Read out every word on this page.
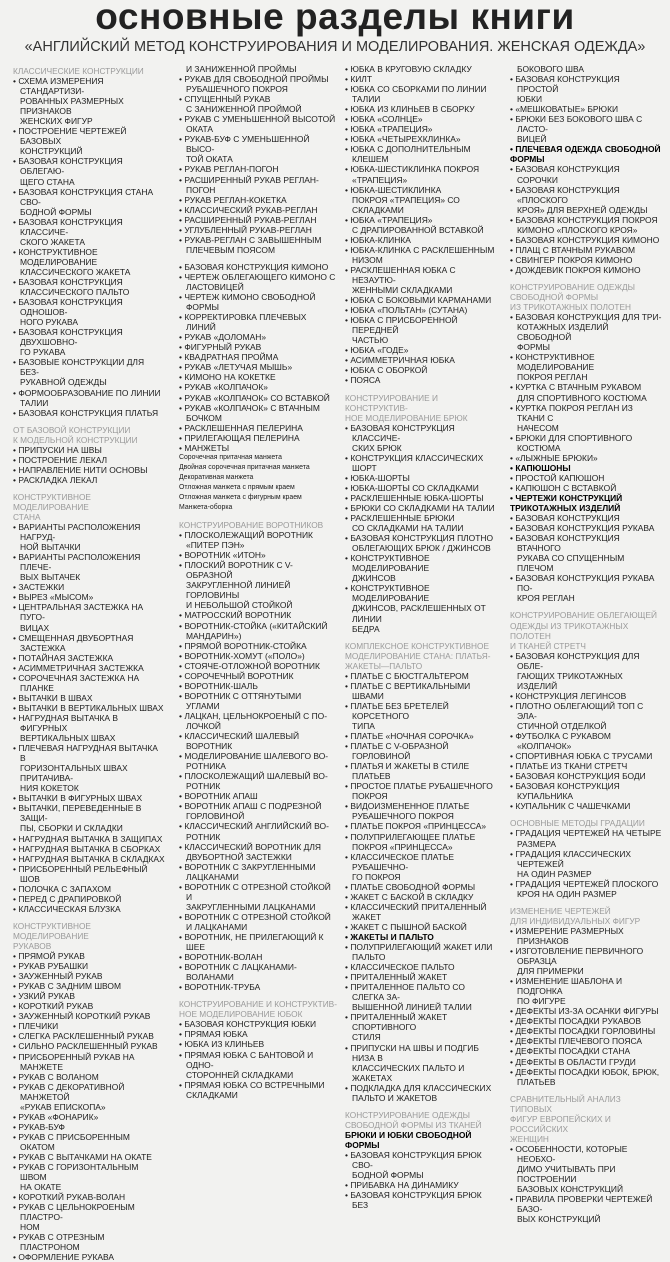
основные разделы книги
«АНГЛИЙСКИЙ МЕТОД КОНСТРУИРОВАНИЯ И МОДЕЛИРОВАНИЯ. ЖЕНСКАЯ ОДЕЖДА»
КЛАССИЧЕСКИЕ КОНСТРУКЦИИ
• СХЕМА ИЗМЕРЕНИЯ СТАНДАРТИЗИ-
РОВАННЫХ РАЗМЕРНЫХ ПРИЗНАКОВ
ЖЕНСКИХ ФИГУР
• ПОСТРОЕНИЕ ЧЕРТЕЖЕЙ БАЗОВЫХ
КОНСТРУКЦИЙ
• БАЗОВАЯ КОНСТРУКЦИЯ ОБЛЕГАЮ-
ЩЕГО СТАНА
• БАЗОВАЯ КОНСТРУКЦИЯ СТАНА СВО-
БОДНОЙ ФОРМЫ
• БАЗОВАЯ КОНСТРУКЦИЯ КЛАССИЧЕ-
СКОГО ЖАКЕТА
• КОНСТРУКТИВНОЕ МОДЕЛИРОВАНИЕ
КЛАССИЧЕСКОГО ЖАКЕТА
• БАЗОВАЯ КОНСТРУКЦИЯ
КЛАССИЧЕСКОГО ПАЛЬТО
• БАЗОВАЯ КОНСТРУКЦИЯ ОДНОШОВ-
НОГО РУКАВА
• БАЗОВАЯ КОНСТРУКЦИЯ ДВУХШОВНО-
ГО РУКАВА
• БАЗОВЫЕ КОНСТРУКЦИИ ДЛЯ БЕЗ-
РУКАВНОЙ ОДЕЖДЫ
• ФОРМООБРАЗОВАНИЕ ПО ЛИНИИ
ТАЛИИ
• БАЗОВАЯ КОНСТРУКЦИЯ ПЛАТЬЯ
ОТ БАЗОВОЙ КОНСТРУКЦИИ
К МОДЕЛЬНОЙ КОНСТРУКЦИИ
• ПРИПУСКИ НА ШВЫ
• ПОСТРОЕНИЕ ЛЕКАЛ
• НАПРАВЛЕНИЕ НИТИ ОСНОВЫ
• РАСКЛАДКА ЛЕКАЛ
КОНСТРУКТИВНОЕ МОДЕЛИРОВАНИЕ
СТАНА
• ВАРИАНТЫ РАСПОЛОЖЕНИЯ НАГРУД-
НОЙ ВЫТАЧКИ
• ВАРИАНТЫ РАСПОЛОЖЕНИЯ ПЛЕЧЕ-
ВЫХ ВЫТАЧЕК
• ЗАСТЕЖКИ
• ВЫРЕЗ «МЫСОМ»
• ЦЕНТРАЛЬНАЯ ЗАСТЕЖКА НА ПУГО-
ВИЦАХ
• СМЕЩЕННАЯ ДВУБОРТНАЯ ЗАСТЕЖКА
• ПОТАЙНАЯ ЗАСТЕЖКА
• АСИММЕТРИЧНАЯ ЗАСТЕЖКА
• СОРОЧЕЧНАЯ ЗАСТЕЖКА НА ПЛАНКЕ
• ВЫТАЧКИ В ШВАХ
• ВЫТАЧКИ В ВЕРТИКАЛЬНЫХ ШВАХ
• НАГРУДНАЯ ВЫТАЧКА В ФИГУРНЫХ
ВЕРТИКАЛЬНЫХ ШВАХ
• ПЛЕЧЕВАЯ НАГРУДНАЯ ВЫТАЧКА В
ГОРИЗОНТАЛЬНЫХ ШВАХ ПРИТАЧИВА-
НИЯ КОКЕТОК
• ВЫТАЧКИ В ФИГУРНЫХ ШВАХ
• ВЫТАЧКИ, ПЕРЕВЕДЕННЫЕ В ЗАЩИ-
ПЫ, СБОРКИ И СКЛАДКИ
• НАГРУДНАЯ ВЫТАЧКА В ЗАЩИПАХ
• НАГРУДНАЯ ВЫТАЧКА В СБОРКАХ
• НАГРУДНАЯ ВЫТАЧКА В СКЛАДКАХ
• ПРИСБОРЕННЫЙ РЕЛЬЕФНЫЙ ШОВ
• ПОЛОЧКА С ЗАПАХОМ
• ПЕРЕД С ДРАПИРОВКОЙ
• КЛАССИЧЕСКАЯ БЛУЗКА
КОНСТРУКТИВНОЕ МОДЕЛИРОВАНИЕ
РУКАВОВ
• ПРЯМОЙ РУКАВ
• РУКАВ РУБАШКИ
• ЗАУЖЕННЫЙ РУКАВ
• РУКАВ С ЗАДНИМ ШВОМ
• УЗКИЙ РУКАВ
• КОРОТКИЙ РУКАВ
• ЗАУЖЕННЫЙ КОРОТКИЙ РУКАВ
• ПЛЕЧИКИ
• СЛЕГКА РАСКЛЕШЕННЫЙ РУКАВ
• СИЛЬНО РАСКЛЕШЕННЫЙ РУКАВ
• ПРИСБОРЕННЫЙ РУКАВ НА МАНЖЕТЕ
• РУКАВ С ВОЛАНОМ
• РУКАВ С ДЕКОРАТИВНОЙ МАНЖЕТОЙ
«РУКАВ ЕПИСКОПА»
• РУКАВ «ФОНАРИК»
• РУКАВ-БУФ
• РУКАВ С ПРИСБОРЕННЫМ ОКАТОМ
• РУКАВ С ВЫТАЧКАМИ НА ОКАТЕ
• РУКАВ С ГОРИЗОНТАЛЬНЫМ ШВОМ
НА ОКАТЕ
• КОРОТКИЙ РУКАВ-ВОЛАН
• РУКАВ С ЦЕЛЬНОКРОЕНЫМ ПЛАСТРО-
НОМ
• РУКАВ С ОТРЕЗНЫМ ПЛАСТРОНОМ
• ОФОРМЛЕНИЕ РУКАВА
И ЗАНИЖЕННОЙ ПРОЙМЫ
• РУКАВ ДЛЯ СВОБОДНОЙ ПРОЙМЫ
РУБАШЕЧНОГО ПОКРОЯ
• СПУЩЕННЫЙ РУКАВ
С ЗАНИЖЕННОЙ ПРОЙМОЙ
• РУКАВ С УМЕНЬШЕННОЙ ВЫСОТОЙ
ОКАТА
• РУКАВ-БУФ С УМЕНЬШЕННОЙ ВЫСО-
ТОЙ ОКАТА
• РУКАВ РЕГЛАН-ПОГОН
• РАСШИРЕННЫЙ РУКАВ РЕГЛАН-ПОГОН
• РУКАВ РЕГЛАН-КОКЕТКА
• КЛАССИЧЕСКИЙ РУКАВ-РЕГЛАН
• РАСШИРЕННЫЙ РУКАВ-РЕГЛАН
• УГЛУБЛЕННЫЙ РУКАВ-РЕГЛАН
• РУКАВ-РЕГЛАН С ЗАВЫШЕННЫМ
ПЛЕЧЕВЫМ ПОЯСОМ
• БАЗОВАЯ КОНСТРУКЦИЯ КИМОНО
• ЧЕРТЕЖ ОБЛЕГАЮЩЕГО КИМОНО С
ЛАСТОВИЦЕЙ
• ЧЕРТЕЖ КИМОНО СВОБОДНОЙ
ФОРМЫ
• КОРРЕКТИРОВКА ПЛЕЧЕВЫХ ЛИНИЙ
• РУКАВ «ДОЛОМАН»
• ФИГУРНЫЙ РУКАВ
• КВАДРАТНАЯ ПРОЙМА
• РУКАВ «ЛЕТУЧАЯ МЫШЬ»
• КИМОНО НА КОКЕТКЕ
• РУКАВ «КОЛПАЧОК»
• РУКАВ «КОЛПАЧОК» СО ВСТАВКОЙ
• РУКАВ «КОЛПАЧОК» С ВТАЧНЫМ
БОЧКОМ
• РАСКЛЕШЕННАЯ ПЕЛЕРИНА
• ПРИЛЕГАЮЩАЯ ПЕЛЕРИНА
• МАНЖЕТЫ
Сорочечная притачная манжета
Двойная сорочечная притачная манжета
Декоративная манжета
Отложная манжета с прямым краем
Отложная манжета с фигурным краем
Манжета-оборка
КОНСТРУИРОВАНИЕ ВОРОТНИКОВ
• ПЛОСКОЛЕЖАЩИЙ ВОРОТНИК
«ПИТЕР ПЭН»
• ВОРОТНИК «ИТОН»
• ПЛОСКИЙ ВОРОТНИК С V-ОБРАЗНОЙ
ЗАКРУГЛЕННОЙ ЛИНИЕЙ ГОРЛОВИНЫ
И НЕБОЛЬШОЙ СТОЙКОЙ
• МАТРОССКИЙ ВОРОТНИК
• ВОРОТНИК-СТОЙКА («КИТАЙСКИЙ
МАНДАРИН»)
• ПРЯМОЙ ВОРОТНИК-СТОЙКА
• ВОРОТНИК-ХОМУТ («ПОЛО»)
• СТОЯЧЕ-ОТЛОЖНОЙ ВОРОТНИК
• СОРОЧЕЧНЫЙ ВОРОТНИК
• ВОРОТНИК-ШАЛЬ
• ВОРОТНИК С ОТТЯНУТЫМИ УГЛАМИ
• ЛАЦКАН, ЦЕЛЬНОКРОЕНЫЙ С ПО-
ЛОЧКОЙ
• КЛАССИЧЕСКИЙ ШАЛЕВЫЙ ВОРОТНИК
• МОДЕЛИРОВАНИЕ ШАЛЕВОГО ВО-
РОТНИКА
• ПЛОСКОЛЕЖАЩИЙ ШАЛЕВЫЙ ВО-
РОТНИК
• ВОРОТНИК АПАШ
• ВОРОТНИК АПАШ С ПОДРЕЗНОЙ
ГОРЛОВИНОЙ
• КЛАССИЧЕСКИЙ АНГЛИЙСКИЙ ВО-
РОТНИК
• КЛАССИЧЕСКИЙ ВОРОТНИК ДЛЯ
ДВУБОРТНОЙ ЗАСТЕЖКИ
• ВОРОТНИК С ЗАКРУГЛЕННЫМИ
ЛАЦКАНАМИ
• ВОРОТНИК С ОТРЕЗНОЙ СТОЙКОЙ И
ЗАКРУГЛЕННЫМИ ЛАЦКАНАМИ
• ВОРОТНИК С ОТРЕЗНОЙ СТОЙКОЙ
И ЛАЦКАНАМИ
• ВОРОТНИК, НЕ ПРИЛЕГАЮЩИЙ К ШЕЕ
• ВОРОТНИК-ВОЛАН
• ВОРОТНИК С ЛАЦКАНАМИ-ВОЛАНАМИ
• ВОРОТНИК-ТРУБА
КОНСТРУИРОВАНИЕ И КОНСТРУКТИВ-
НОЕ МОДЕЛИРОВАНИЕ ЮБОК
• БАЗОВАЯ КОНСТРУКЦИЯ ЮБКИ
• ПРЯМАЯ ЮБКА
• ЮБКА ИЗ КЛИНЬЕВ
• ПРЯМАЯ ЮБКА С БАНТОВОЙ И ОДНО-
СТОРОННЕЙ СКЛАДКАМИ
• ПРЯМАЯ ЮБКА СО ВСТРЕЧНЫМИ
СКЛАДКАМИ
• ЮБКА В КРУГОВУЮ СКЛАДКУ
• КИЛТ
• ЮБКА СО СБОРКАМИ ПО ЛИНИИ
ТАЛИИ
• ЮБКА ИЗ КЛИНЬЕВ В СБОРКУ
• ЮБКА «СОЛНЦЕ»
• ЮБКА «ТРАПЕЦИЯ»
• ЮБКА «ЧЕТЫРЕХКЛИНКА»
• ЮБКА С ДОПОЛНИТЕЛЬНЫМ КЛЕШЕМ
• ЮБКА-ШЕСТИКЛИНКА ПОКРОЯ
«ТРАПЕЦИЯ»
• ЮБКА-ШЕСТИКЛИНКА
ПОКРОЯ «ТРАПЕЦИЯ» СО СКЛАДКАМИ
• ЮБКА «ТРАПЕЦИЯ»
С ДРАПИРОВАННОЙ ВСТАВКОЙ
• ЮБКА-КЛИНКА
• ЮБКА-КЛИНКА С РАСКЛЕШЕННЫМ
НИЗОМ
• РАСКЛЕШЕННАЯ ЮБКА С НЕЗАУТЮ-
ЖЕННЫМИ СКЛАДКАМИ
• ЮБКА С БОКОВЫМИ КАРМАНАМИ
• ЮБКА «ПОЛЬТАН» (СУТАНА)
• ЮБКА С ПРИСБОРЕННОЙ ПЕРЕДНЕЙ
ЧАСТЬЮ
• ЮБКА «ГОДЕ»
• АСИММЕТРИЧНАЯ ЮБКА
• ЮБКА С ОБОРКОЙ
• ПОЯСА
КОНСТРУИРОВАНИЕ И КОНСТРУКТИВ-
НОЕ МОДЕЛИРОВАНИЕ БРЮК
• БАЗОВАЯ КОНСТРУКЦИЯ КЛАССИЧЕ-
СКИХ БРЮК
• КОНСТРУКЦИЯ КЛАССИЧЕСКИХ ШОРТ
• ЮБКА-ШОРТЫ
• ЮБКА-ШОРТЫ СО СКЛАДКАМИ
• РАСКЛЕШЕННЫЕ ЮБКА-ШОРТЫ
• БРЮКИ СО СКЛАДКАМИ НА ТАЛИИ
• РАСКЛЕШЕННЫЕ БРЮКИ
СО СКЛАДКАМИ НА ТАЛИИ
• БАЗОВАЯ КОНСТРУКЦИЯ ПЛОТНО
ОБЛЕГАЮЩИХ БРЮК / ДЖИНСОВ
• КОНСТРУКТИВНОЕ МОДЕЛИРОВАНИЕ
ДЖИНСОВ
• КОНСТРУКТИВНОЕ МОДЕЛИРОВАНИЕ
ДЖИНСОВ, РАСКЛЕШЕННЫХ ОТ ЛИНИИ
БЕДРА
КОМПЛЕКСНОЕ КОНСТРУКТИВНОЕ
МОДЕЛИРОВАНИЕ СТАНА: ПЛАТЬЯ-
ЖАКЕТЫ—ПАЛЬТО
• ПЛАТЬЕ С БЮСТГАЛЬТЕРОМ
• ПЛАТЬЕ С ВЕРТИКАЛЬНЫМИ ШВАМИ
• ПЛАТЬЕ БЕЗ БРЕТЕЛЕЙ КОРСЕТНОГО
ТИПА
• ПЛАТЬЕ «НОЧНАЯ СОРОЧКА»
• ПЛАТЬЕ С V-ОБРАЗНОЙ ГОРЛОВИНОЙ
• ПЛАТЬЯ И ЖАКЕТЫ В СТИЛЕ ПЛАТЬЕВ
• ПРОСТОЕ ПЛАТЬЕ РУБАШЕЧНОГО
ПОКРОЯ
• ВИДОИЗМЕНЕННОЕ ПЛАТЬЕ
РУБАШЕЧНОГО ПОКРОЯ
• ПЛАТЬЕ ПОКРОЯ «ПРИНЦЕССА»
• ПОЛУПРИЛЕГАЮЩЕЕ ПЛАТЬЕ
ПОКРОЯ «ПРИНЦЕССА»
• КЛАССИЧЕСКОЕ ПЛАТЬЕ РУБАШЕЧНО-
ГО ПОКРОЯ
• ПЛАТЬЕ СВОБОДНОЙ ФОРМЫ
• ЖАКЕТ С БАСКОЙ В СКЛАДКУ
• КЛАССИЧЕСКИЙ ПРИТАЛЕННЫЙ ЖАКЕТ
• ЖАКЕТ С ПЫШНОЙ БАСКОЙ
• ЖАКЕТЫ И ПАЛЬТО
• ПОЛУПРИЛЕГАЮЩИЙ ЖАКЕТ ИЛИ
ПАЛЬТО
• КЛАССИЧЕСКОЕ ПАЛЬТО
• ПРИТАЛЕННЫЙ ЖАКЕТ
• ПРИТАЛЕННОЕ ПАЛЬТО СО СЛЕГКА ЗА-
ВЫШЕННОЙ ЛИНИЕЙ ТАЛИИ
• ПРИТАЛЕННЫЙ ЖАКЕТ СПОРТИВНОГО
СТИЛЯ
• ПРИПУСКИ НА ШВЫ И ПОДГИБ НИЗА В
КЛАССИЧЕСКИХ ПАЛЬТО И ЖАКЕТАХ
• ПОДКЛАДКА ДЛЯ КЛАССИЧЕСКИХ
ПАЛЬТО И ЖАКЕТОВ
КОНСТРУИРОВАНИЕ ОДЕЖДЫ
СВОБОДНОЙ ФОРМЫ ИЗ ТКАНЕЙ
БРЮКИ И ЮБКИ СВОБОДНОЙ ФОРМЫ
• БАЗОВАЯ КОНСТРУКЦИЯ БРЮК СВО-
БОДНОЙ ФОРМЫ
• ПРИБАВКА НА ДИНАМИКУ
• БАЗОВАЯ КОНСТРУКЦИЯ БРЮК БЕЗ
БОКОВОГО ШВА
• БАЗОВАЯ КОНСТРУКЦИЯ ПРОСТОЙ
ЮБКИ
• «МЕШКОВАТЫЕ» БРЮКИ
• БРЮКИ БЕЗ БОКОВОГО ШВА С ЛАСТО-
ВИЦЕЙ
• ПЛЕЧЕВАЯ ОДЕЖДА СВОБОДНОЙ
ФОРМЫ
• БАЗОВАЯ КОНСТРУКЦИЯ СОРОЧКИ
• БАЗОВАЯ КОНСТРУКЦИЯ «ПЛОСКОГО
КРОЯ» ДЛЯ ВЕРХНЕЙ ОДЕЖДЫ
• БАЗОВАЯ КОНСТРУКЦИЯ ПОКРОЯ
КИМОНО «ПЛОСКОГО КРОЯ»
• БАЗОВАЯ КОНСТРУКЦИЯ КИМОНО
• ПЛАЩ С ВТАЧНЫМ РУКАВОМ
• СВИНГЕР ПОКРОЯ КИМОНО
• ДОЖДЕВИК ПОКРОЯ КИМОНО
КОНСТРУИРОВАНИЕ ОДЕЖДЫ
СВОБОДНОЙ ФОРМЫ
ИЗ ТРИКОТАЖНЫХ ПОЛОТЕН
• БАЗОВАЯ КОНСТРУКЦИЯ ДЛЯ ТРИ-
КОТАЖНЫХ ИЗДЕЛИЙ СВОБОДНОЙ
ФОРМЫ
• КОНСТРУКТИВНОЕ МОДЕЛИРОВАНИЕ
ПОКРОЯ РЕГЛАН
• КУРТКА С ВТАЧНЫМ РУКАВОМ
ДЛЯ СПОРТИВНОГО КОСТЮМА
• КУРТКА ПОКРОЯ РЕГЛАН ИЗ ТКАНИ С
НАЧЕСОМ
• БРЮКИ ДЛЯ СПОРТИВНОГО КОСТЮМА
• «ЛЫЖНЫЕ БРЮКИ»
• КАПЮШОНЫ
• ПРОСТОЙ КАПЮШОН
• КАПЮШОН С ВСТАВКОЙ
• ЧЕРТЕЖИ КОНСТРУКЦИЙ
ТРИКОТАЖНЫХ ИЗДЕЛИЙ
• БАЗОВАЯ КОНСТРУКЦИЯ
• БАЗОВАЯ КОНСТРУКЦИЯ РУКАВА
• БАЗОВАЯ КОНСТРУКЦИЯ ВТАЧНОГО
РУКАВА СО СПУЩЕННЫМ ПЛЕЧОМ
• БАЗОВАЯ КОНСТРУКЦИЯ РУКАВА ПО-
КРОЯ РЕГЛАН
КОНСТРУИРОВАНИЕ ОБЛЕГАЮЩЕЙ
ОДЕЖДЫ ИЗ ТРИКОТАЖНЫХ ПОЛОТЕН
И ТКАНЕЙ СТРЕТЧ
• БАЗОВАЯ КОНСТРУКЦИЯ ДЛЯ ОБЛЕ-
ГАЮЩИХ ТРИКОТАЖНЫХ ИЗДЕЛИЙ
• КОНСТРУКЦИЯ ЛЕГИНСОВ
• ПЛОТНО ОБЛЕГАЮЩИЙ ТОП С ЭЛА-
СТИЧНОЙ ОТДЕЛКОЙ
• ФУТБОЛКА С РУКАВОМ «КОЛПАЧОК»
• СПОРТИВНАЯ ЮБКА С ТРУСАМИ
• ПЛАТЬЕ ИЗ ТКАНИ СТРЕТЧ
• БАЗОВАЯ КОНСТРУКЦИЯ БОДИ
• БАЗОВАЯ КОНСТРУКЦИЯ КУПАЛЬНИКА
• КУПАЛЬНИК С ЧАШЕЧКАМИ
ОСНОВНЫЕ МЕТОДЫ ГРАДАЦИИ
• ГРАДАЦИЯ ЧЕРТЕЖЕЙ НА ЧЕТЫРЕ
РАЗМЕРА
• ГРАДАЦИЯ КЛАССИЧЕСКИХ ЧЕРТЕЖЕЙ
НА ОДИН РАЗМЕР
• ГРАДАЦИЯ ЧЕРТЕЖЕЙ ПЛОСКОГО
КРОЯ НА ОДИН РАЗМЕР
ИЗМЕНЕНИЕ ЧЕРТЕЖЕЙ
ДЛЯ ИНДИВИДУАЛЬНЫХ ФИГУР
• ИЗМЕРЕНИЕ РАЗМЕРНЫХ ПРИЗНАКОВ
• ИЗГОТОВЛЕНИЕ ПЕРВИЧНОГО ОБРАЗЦА
ДЛЯ ПРИМЕРКИ
• ИЗМЕНЕНИЕ ШАБЛОНА И ПОДГОНКА
ПО ФИГУРЕ
• ДЕФЕКТЫ ИЗ-ЗА ОСАНКИ ФИГУРЫ
• ДЕФЕКТЫ ПОСАДКИ РУКАВОВ
• ДЕФЕКТЫ ПОСАДКИ ГОРЛОВИНЫ
• ДЕФЕКТЫ ПЛЕЧЕВОГО ПОЯСА
• ДЕФЕКТЫ ПОСАДКИ СТАНА
• ДЕФЕКТЫ В ОБЛАСТИ ГРУДИ
• ДЕФЕКТЫ ПОСАДКИ ЮБОК, БРЮК,
ПЛАТЬЕВ
СРАВНИТЕЛЬНЫЙ АНАЛИЗ ТИПОВЫХ
ФИГУР ЕВРОПЕЙСКИХ И РОССИЙСКИХ
ЖЕНЩИН
• ОСОБЕННОСТИ, КОТОРЫЕ НЕОБХО-
ДИМО УЧИТЫВАТЬ ПРИ ПОСТРОЕНИИ
БАЗОВЫХ КОНСТРУКЦИЙ
• ПРАВИЛА ПРОВЕРКИ ЧЕРТЕЖЕЙ БАЗО-
ВЫХ КОНСТРУКЦИЙ
